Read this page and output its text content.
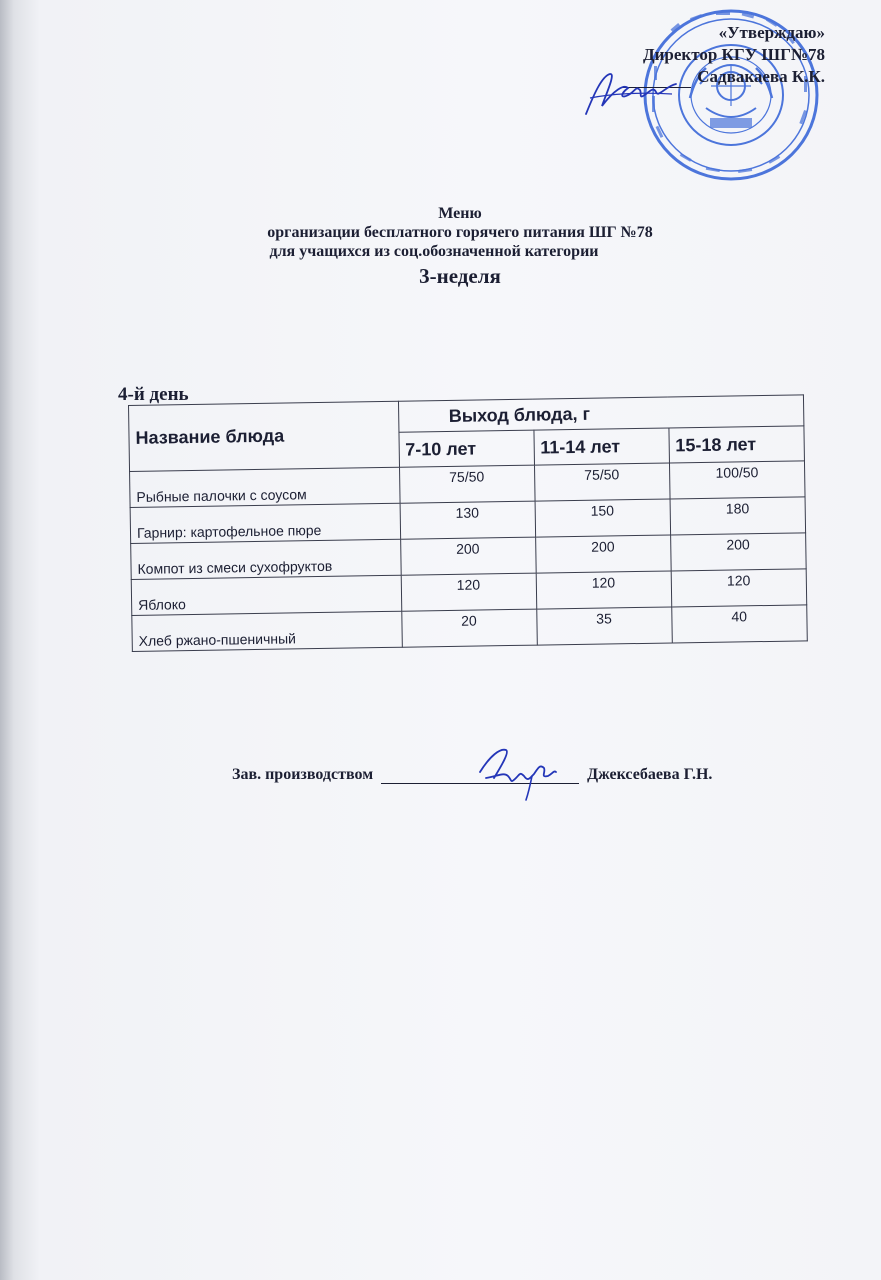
«Утверждаю»
Директор КГУ ШГ№78
Садвакаева К.К.
Меню
организации бесплатного горячего питания ШГ №78
для учащихся из соц.обозначенной категории
3-неделя
4-й день
Название блюда	Выход блюда, г		
	7-10 лет	11-14 лет	15-18 лет
Рыбные палочки с соусом	75/50	75/50	100/50
Гарнир: картофельное пюре	130	150	180
Компот из смеси сухофруктов	200	200	200
Яблоко	120	120	120
Хлеб ржано-пшеничный	20	35	40
Зав. производством	Джексебаева Г.Н.
